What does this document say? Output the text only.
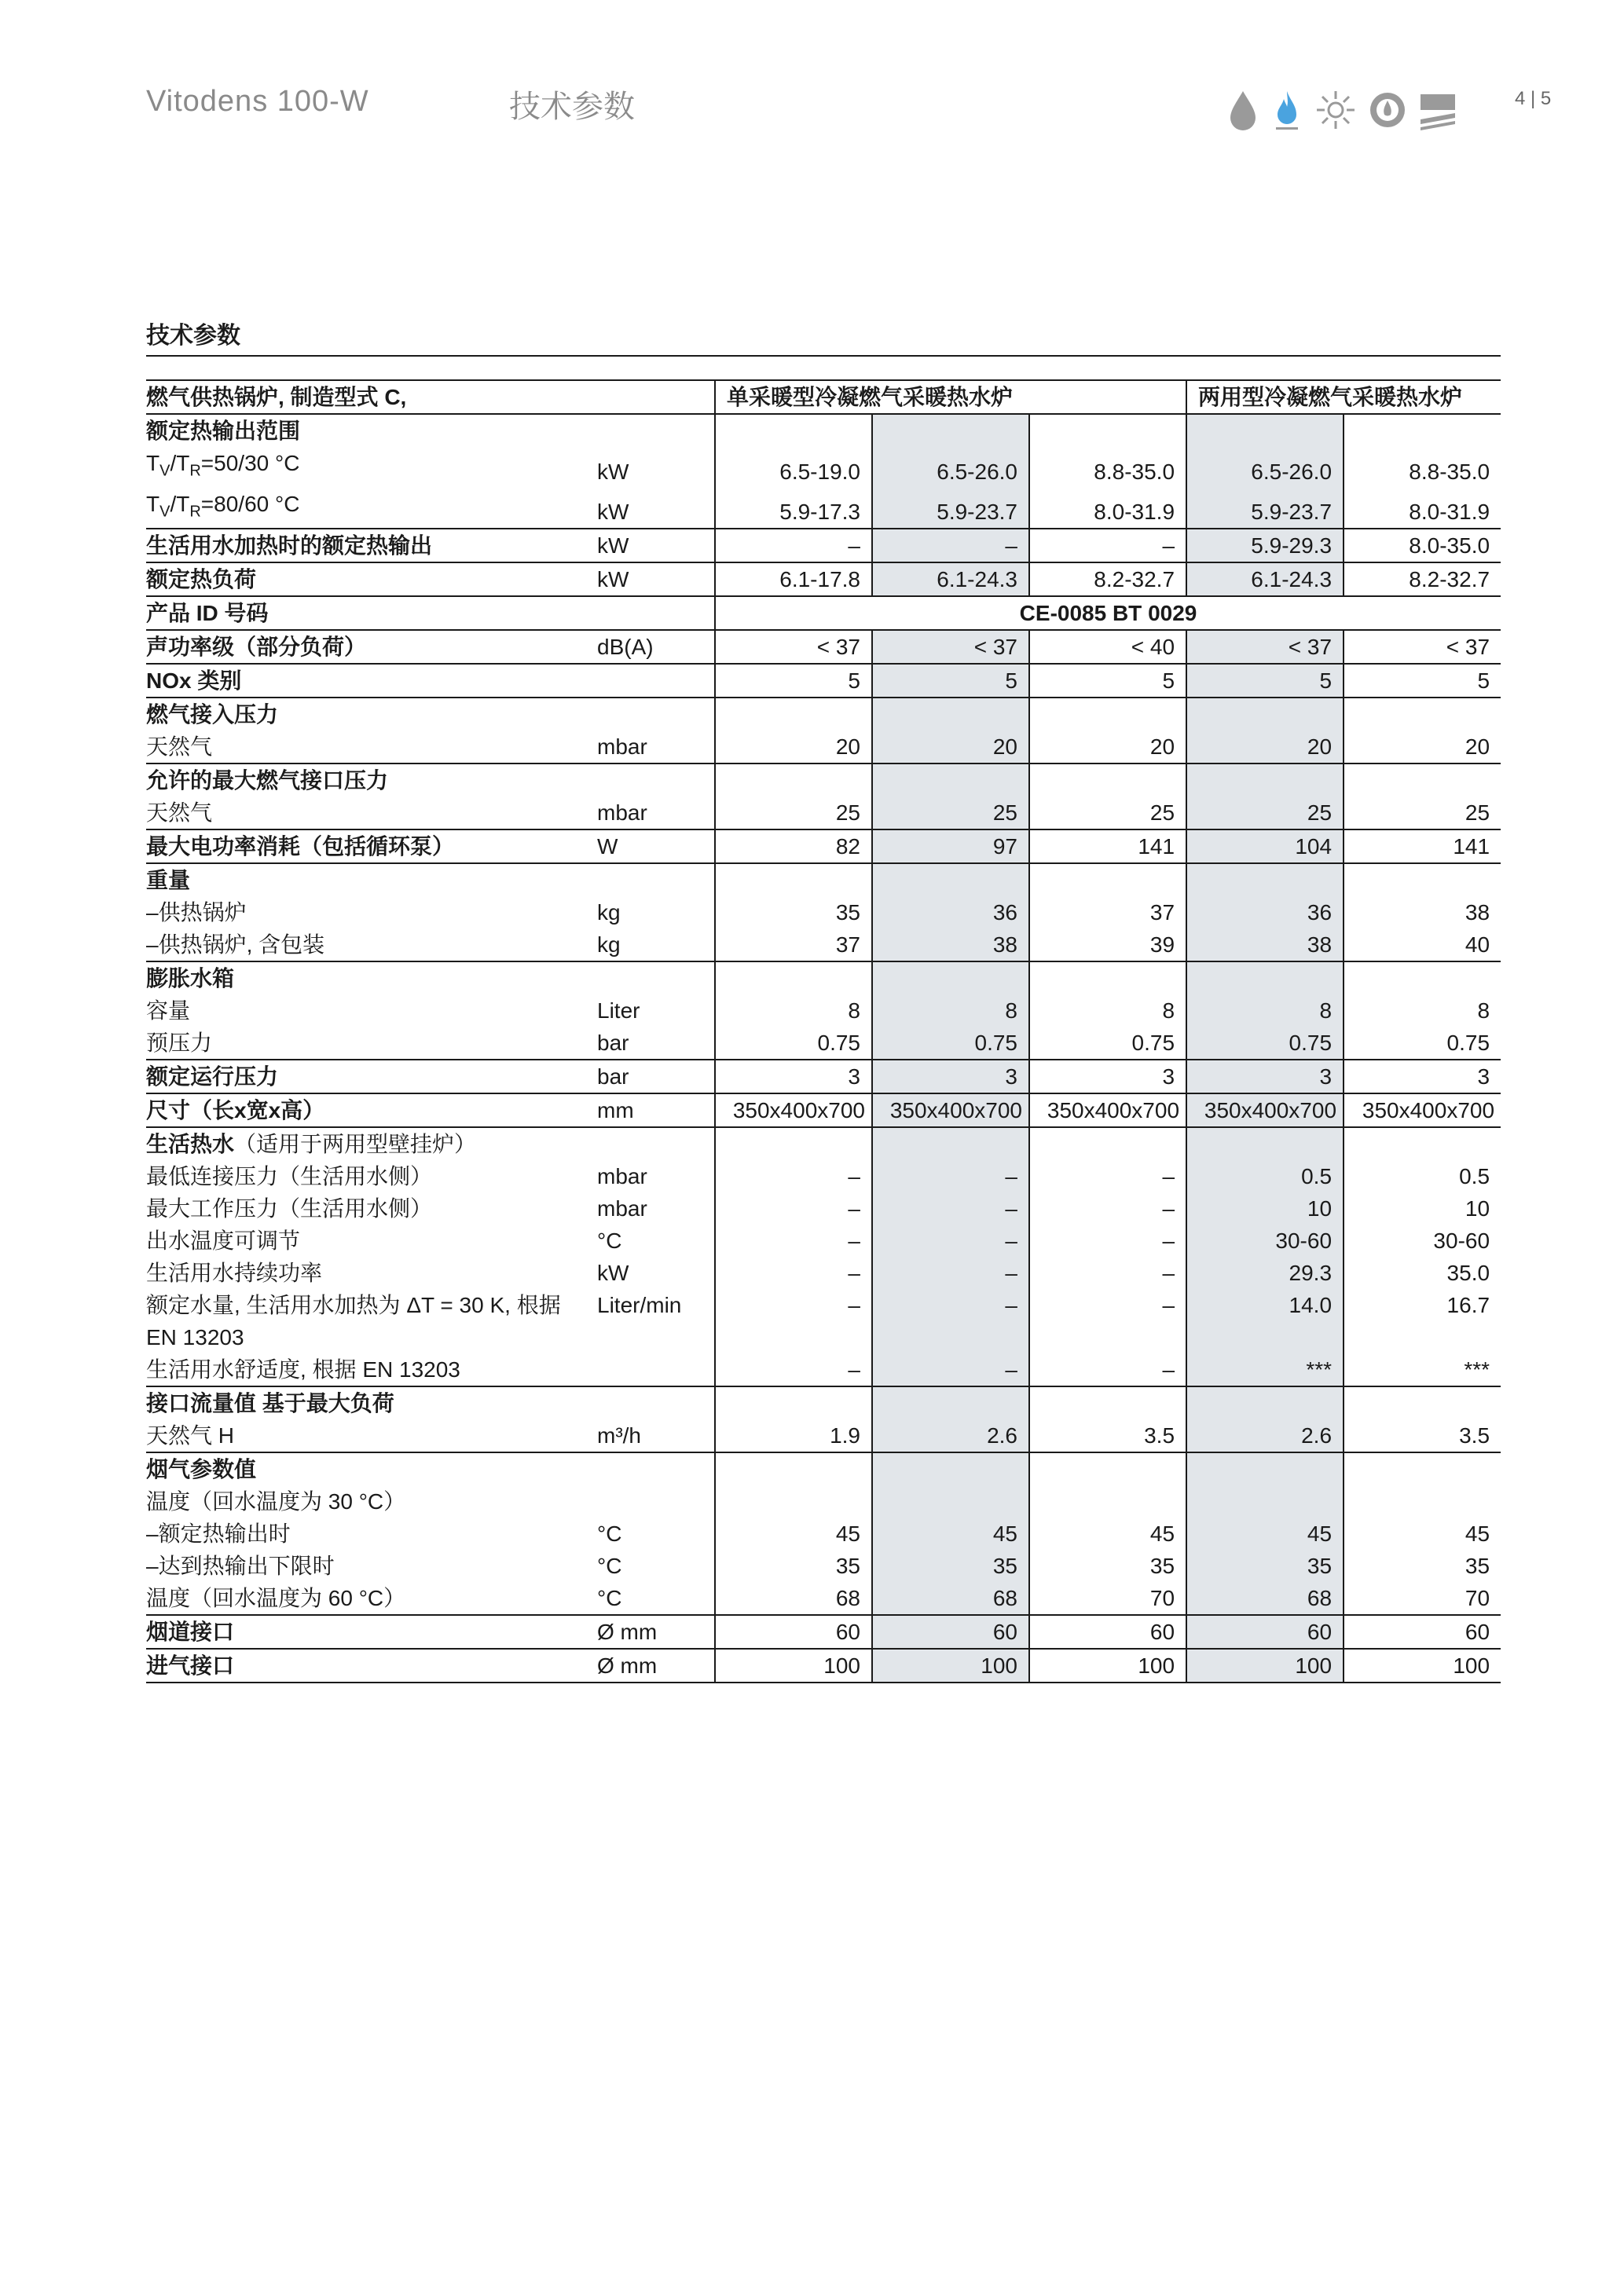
Vitodens 100-W	技术参数	4 | 5
技术参数
燃气供热锅炉, 制造型式 C,		单采暖型冷凝燃气采暖热水炉			两用型冷凝燃气采暖热水炉	
额定热输出范围						
$T_V/T_R=50/30$ °C	kW	6.5-19.0	6.5-26.0	8.8-35.0	6.5-26.0	8.8-35.0
$T_V/T_R=80/60$ °C	kW	5.9-17.3	5.9-23.7	8.0-31.9	5.9-23.7	8.0-31.9
生活用水加热时的额定热输出	kW	–	–	–	5.9-29.3	8.0-35.0
额定热负荷	kW	6.1-17.8	6.1-24.3	8.2-32.7	6.1-24.3	8.2-32.7
产品 ID 号码		CE-0085 BT 0029				
声功率级（部分负荷）	dB(A)	< 37	< 37	< 40	< 37	< 37
NOx 类别		5	5	5	5	5
燃气接入压力						
天然气	mbar	20	20	20	20	20
允许的最大燃气接口压力						
天然气	mbar	25	25	25	25	25
最大电功率消耗（包括循环泵）	W	82	97	141	104	141
重量						
–供热锅炉	kg	35	36	37	36	38
–供热锅炉, 含包装	kg	37	38	39	38	40
膨胀水箱						
容量	Liter	8	8	8	8	8
预压力	bar	0.75	0.75	0.75	0.75	0.75
额定运行压力	bar	3	3	3	3	3
尺寸（长x宽x高）	mm	350x400x700	350x400x700	350x400x700	350x400x700	350x400x700
生活热水（适用于两用型壁挂炉）						
最低连接压力（生活用水侧）	mbar	–	–	–	0.5	0.5
最大工作压力（生活用水侧）	mbar	–	–	–	10	10
出水温度可调节	°C	–	–	–	30-60	30-60
生活用水持续功率	kW	–	–	–	29.3	35.0
额定水量, 生活用水加热为 ΔT = 30 K, 根据	Liter/min	–	–	–	14.0	16.7
EN 13203						
生活用水舒适度, 根据 EN 13203		–	–	–	***	***
接口流量值 基于最大负荷						
天然气 H	m³/h	1.9	2.6	3.5	2.6	3.5
烟气参数值						
温度（回水温度为 30 °C）						
–额定热输出时	°C	45	45	45	45	45
–达到热输出下限时	°C	35	35	35	35	35
温度（回水温度为 60 °C）	°C	68	68	70	68	70
烟道接口	Ø mm	60	60	60	60	60
进气接口	Ø mm	100	100	100	100	100
